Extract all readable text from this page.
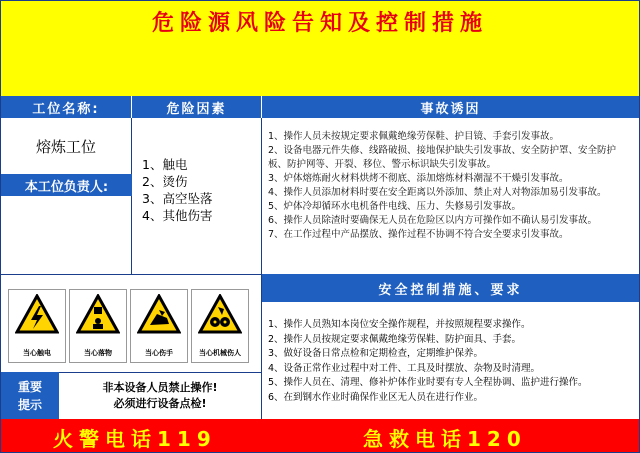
危险源风险告知及控制措施
工位名称:	危险因素	事故诱因
熔炼工位
本工位负责人:
1、触电
2、烫伤
3、高空坠落
4、其他伤害
1、操作人员未按规定要求佩戴绝缘劳保鞋、护目镜、手套引发事故。
2、设备电器元件失修、线路破损、接地保护缺失引发事故、安全防护罩、安全防护板、防护网等、开裂、移位、警示标识缺失引发事故。
3、炉体熔炼耐火材料烘烤不彻底、添加熔炼材料潮湿不干燥引发事故。
4、操作人员添加材料时要在安全距离以外添加、禁止对人对物添加易引发事故。
5、炉体冷却循环水电机备件电线、压力、失修易引发事故。
6、操作人员除渣时要确保无人员在危险区以内方可操作如不确认易引发事故。
7、在工作过程中产品摆放、操作过程不协调不符合安全要求引发事故。
当心触电	当心落物	当心伤手	当心机械伤人
重要
提示
非本设备人员禁止操作!
必须进行设备点检!
安全控制措施、要求
1、操作人员熟知本岗位安全操作规程，并按照规程要求操作。
2、操作人员按规定要求佩戴绝缘劳保鞋、防护面具、手套。
3、做好设备日常点检和定期检查，定期维护保养。
4、设备正常作业过程中对工件、工具及时摆放、杂物及时清理。
5、操作人员在、清理、修补炉体作业时要有专人全程协调、监护进行操作。
6、在到钢水作业时确保作业区无人员在进行作业。
火警电话119	急救电话120
